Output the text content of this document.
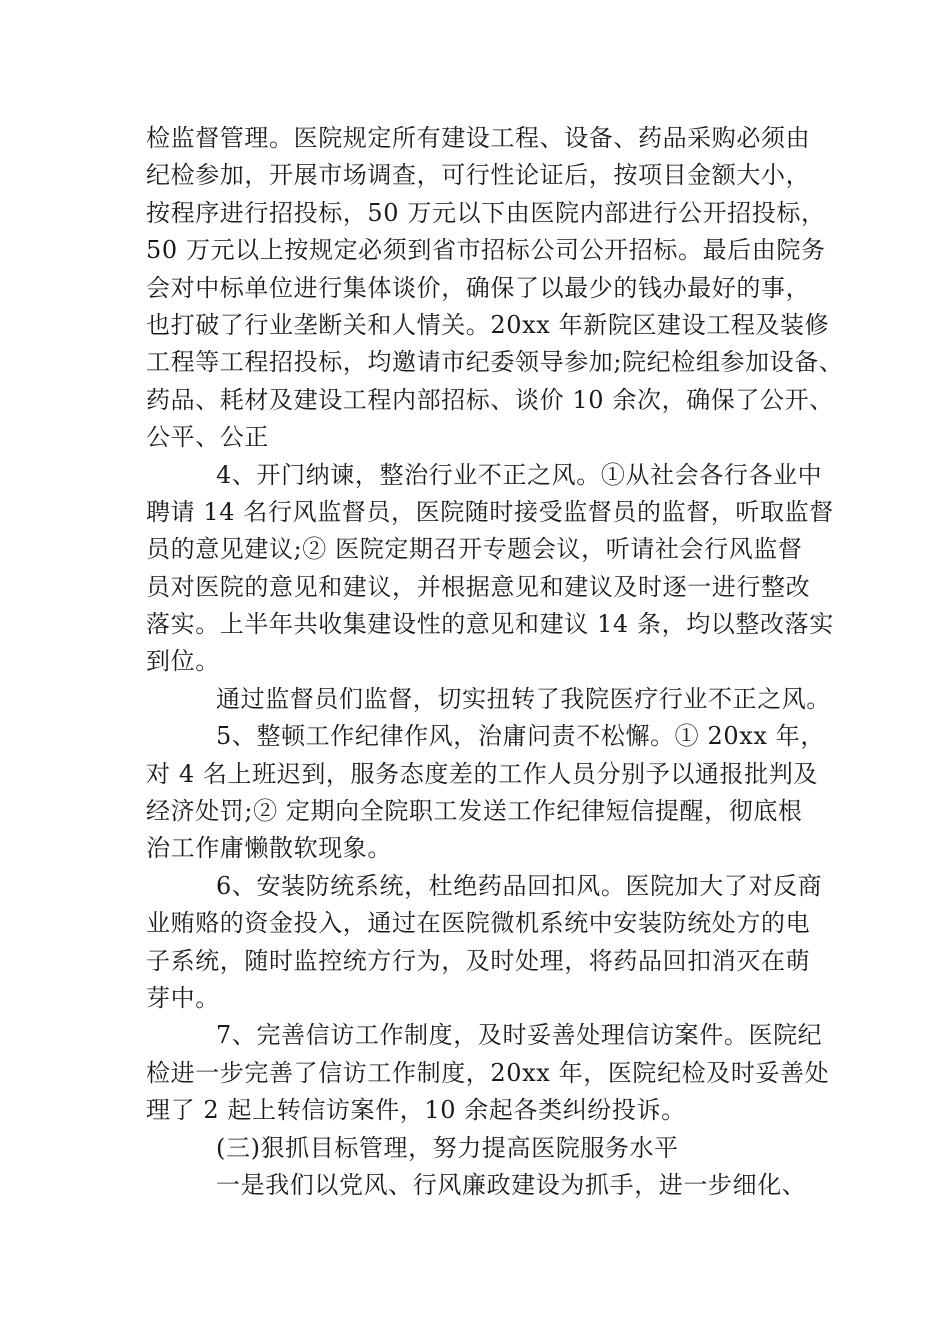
检监督管理。医院规定所有建设工程、设备、药品采购必须由
纪检参加，开展市场调查，可行性论证后，按项目金额大小，
按程序进行招投标，50 万元以下由医院内部进行公开招投标，
50 万元以上按规定必须到省市招标公司公开招标。最后由院务
会对中标单位进行集体谈价，确保了以最少的钱办最好的事，
也打破了行业垄断关和人情关。20xx 年新院区建设工程及装修
工程等工程招投标，均邀请市纪委领导参加;院纪检组参加设备、
药品、耗材及建设工程内部招标、谈价 10 余次，确保了公开、
公平、公正
4、开门纳谏，整治行业不正之风。①从社会各行各业中
聘请 14 名行风监督员，医院随时接受监督员的监督，听取监督
员的意见建议;② 医院定期召开专题会议，听请社会行风监督
员对医院的意见和建议，并根据意见和建议及时逐一进行整改
落实。上半年共收集建设性的意见和建议 14 条，均以整改落实
到位。
通过监督员们监督，切实扭转了我院医疗行业不正之风。
5、整顿工作纪律作风，治庸问责不松懈。① 20xx 年，
对 4 名上班迟到，服务态度差的工作人员分别予以通报批判及
经济处罚;② 定期向全院职工发送工作纪律短信提醒，彻底根
治工作庸懒散软现象。
6、安装防统系统，杜绝药品回扣风。医院加大了对反商
业贿赂的资金投入，通过在医院微机系统中安装防统处方的电
子系统，随时监控统方行为，及时处理，将药品回扣消灭在萌
芽中。
7、完善信访工作制度，及时妥善处理信访案件。医院纪
检进一步完善了信访工作制度，20xx 年，医院纪检及时妥善处
理了 2 起上转信访案件，10 余起各类纠纷投诉。
(三)狠抓目标管理，努力提高医院服务水平
一是我们以党风、行风廉政建设为抓手，进一步细化、
